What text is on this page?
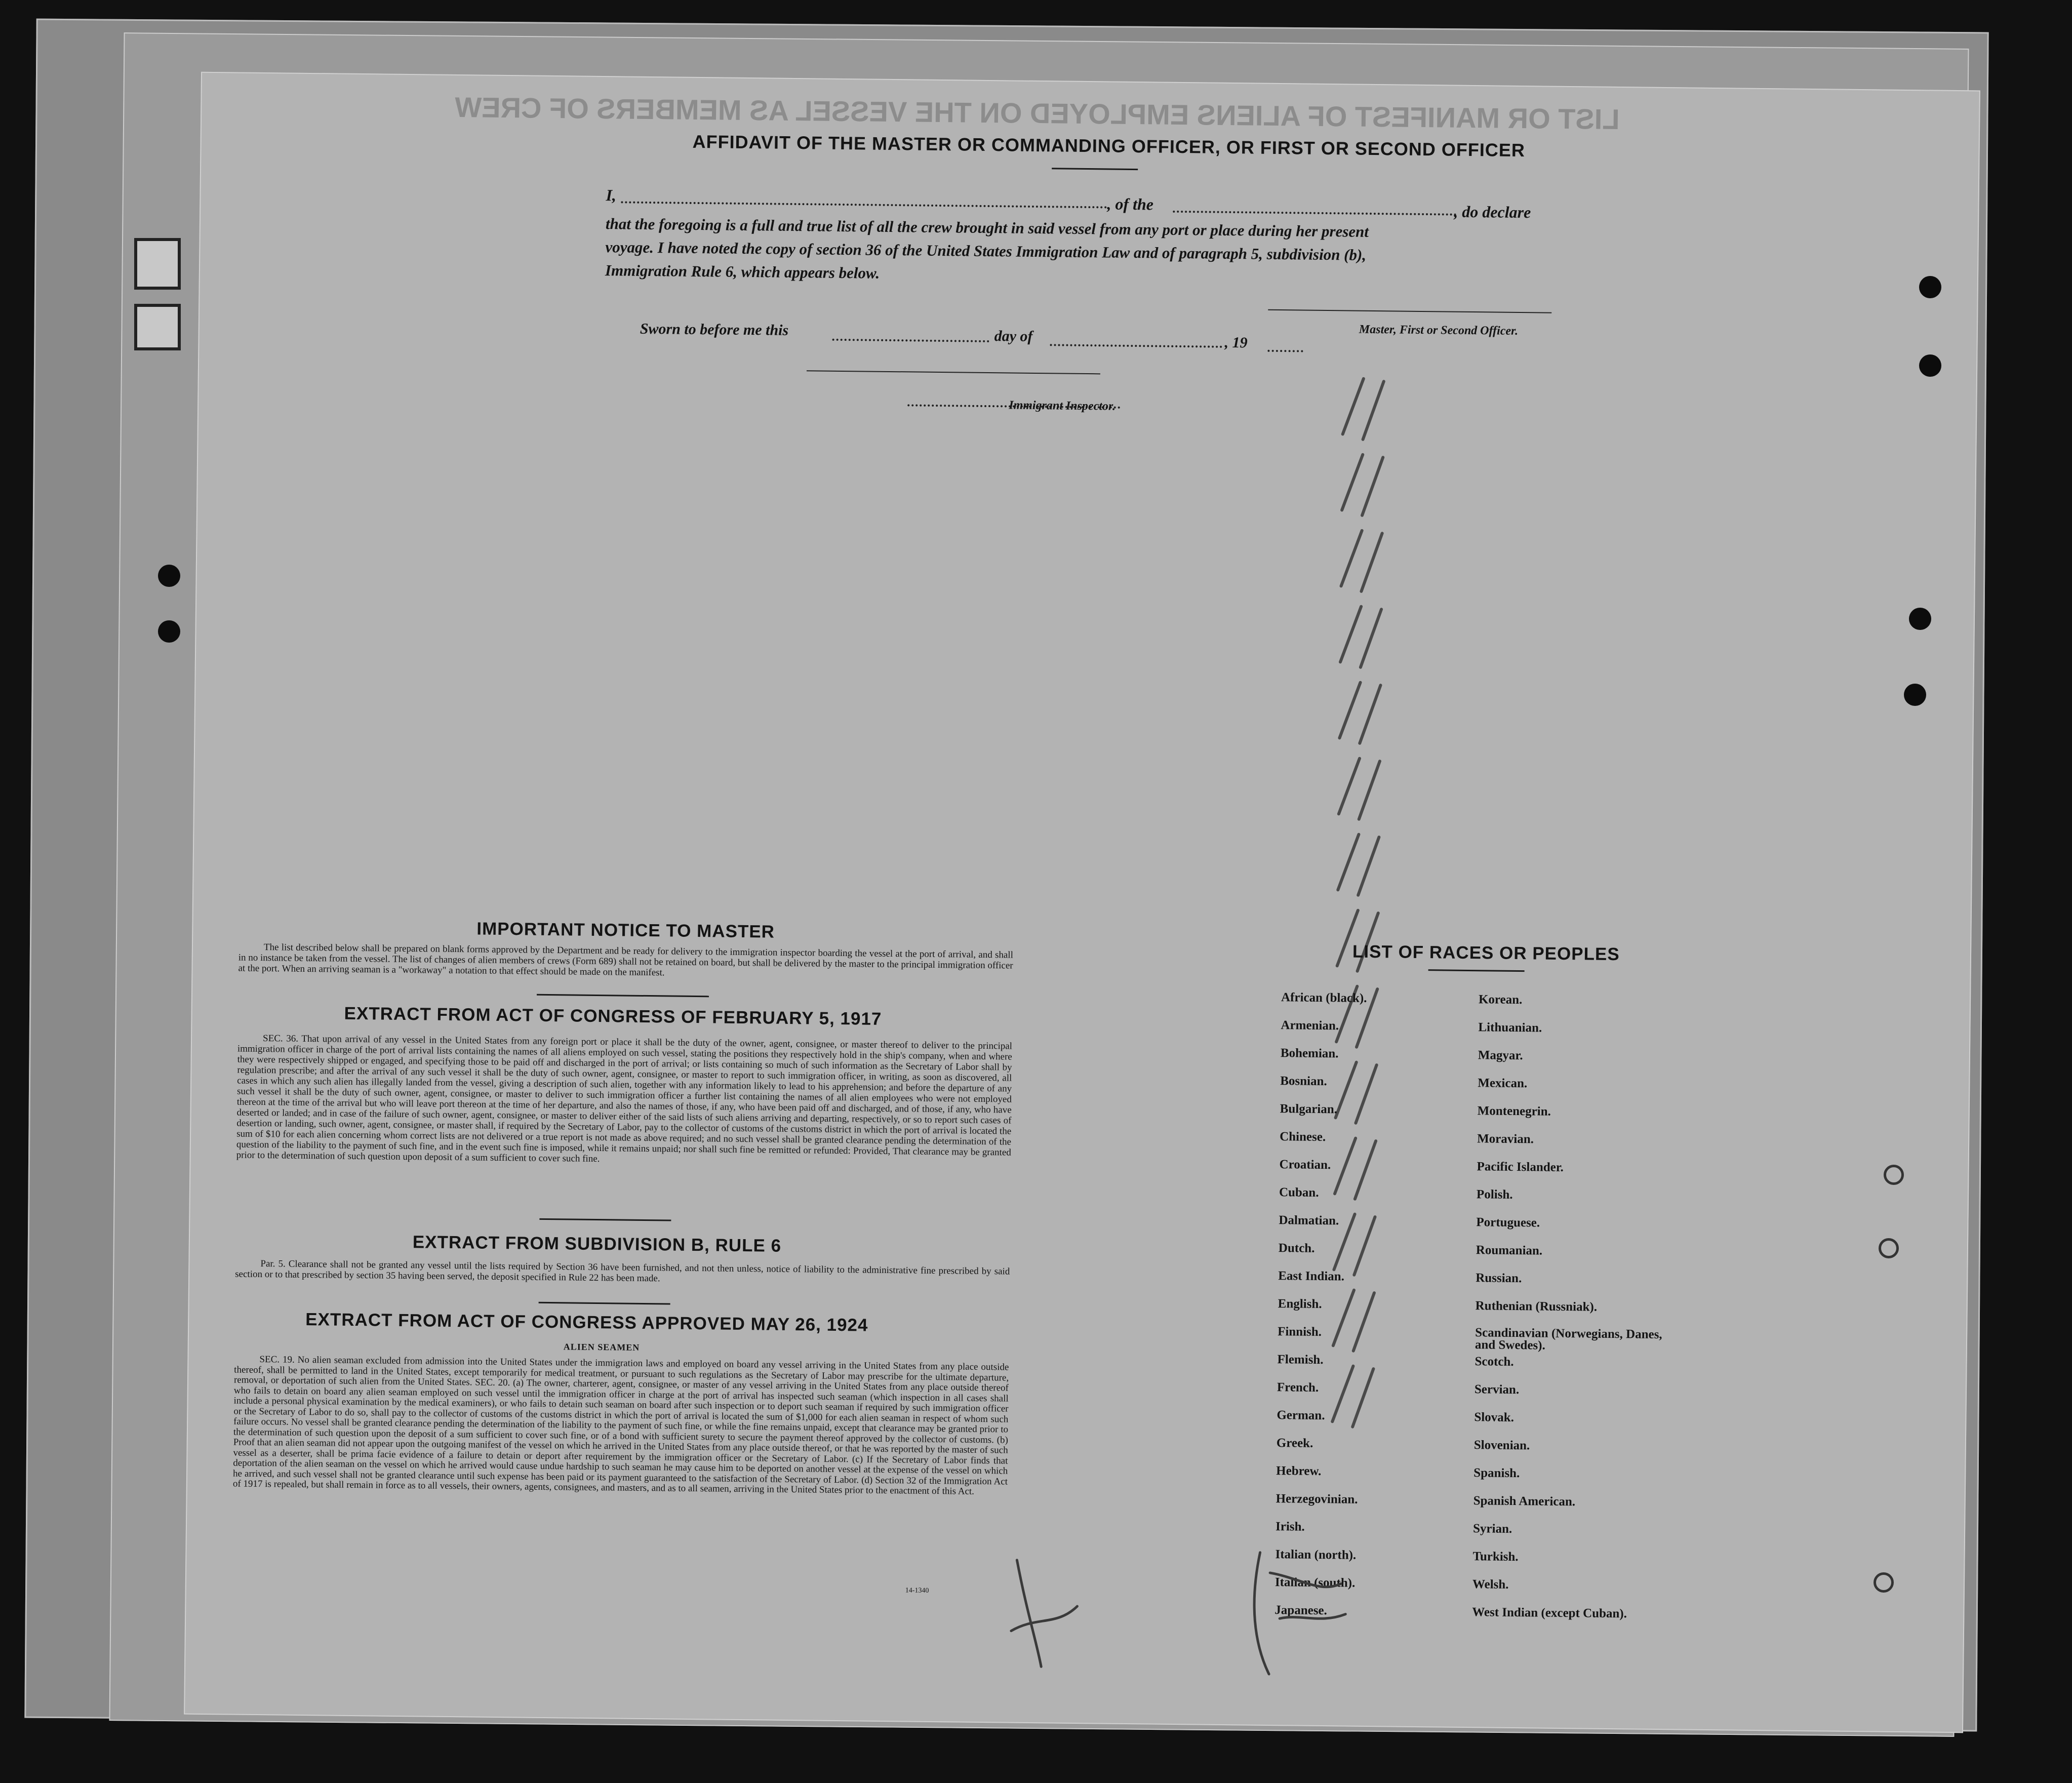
LIST OR MANIFEST OF ALIENS EMPLOYED ON THE VESSEL AS MEMBERS OF CREW
AFFIDAVIT OF THE MASTER OR COMMANDING OFFICER, OR FIRST OR SECOND OFFICER
I,	, of the	, do declare
that the foregoing is a full and true list of all the crew brought in said vessel from any port or place during her present
voyage. I have noted the copy of section 36 of the United States Immigration Law and of paragraph 5, subdivision (b),
Immigration Rule 6, which appears below.
Master, First or Second Officer.
Sworn to before me this	day of	, 19
Immigrant Inspector.
IMPORTANT NOTICE TO MASTER
The list described below shall be prepared on blank forms approved by the Department and be ready for delivery to the immigration inspector boarding the vessel at the port of arrival, and shall in no instance be taken from the vessel. The list of changes of alien members of crews (Form 689) shall not be retained on board, but shall be delivered by the master to the principal immigration officer at the port. When an arriving seaman is a "workaway" a notation to that effect should be made on the manifest.
EXTRACT FROM ACT OF CONGRESS OF FEBRUARY 5, 1917
SEC. 36. That upon arrival of any vessel in the United States from any foreign port or place it shall be the duty of the owner, agent, consignee, or master thereof to deliver to the principal immigration officer in charge of the port of arrival lists containing the names of all aliens employed on such vessel, stating the positions they respectively hold in the ship's company, when and where they were respectively shipped or engaged, and specifying those to be paid off and discharged in the port of arrival; or lists containing so much of such information as the Secretary of Labor shall by regulation prescribe; and after the arrival of any such vessel it shall be the duty of such owner, agent, consignee, or master to report to such immigration officer, in writing, as soon as discovered, all cases in which any such alien has illegally landed from the vessel, giving a description of such alien, together with any information likely to lead to his apprehension; and before the departure of any such vessel it shall be the duty of such owner, agent, consignee, or master to deliver to such immigration officer a further list containing the names of all alien employees who were not employed thereon at the time of the arrival but who will leave port thereon at the time of her departure, and also the names of those, if any, who have been paid off and discharged, and of those, if any, who have deserted or landed; and in case of the failure of such owner, agent, consignee, or master to deliver either of the said lists of such aliens arriving and departing, respectively, or so to report such cases of desertion or landing, such owner, agent, consignee, or master shall, if required by the Secretary of Labor, pay to the collector of customs of the customs district in which the port of arrival is located the sum of $10 for each alien concerning whom correct lists are not delivered or a true report is not made as above required; and no such vessel shall be granted clearance pending the determination of the question of the liability to the payment of such fine, and in the event such fine is imposed, while it remains unpaid; nor shall such fine be remitted or refunded: Provided, That clearance may be granted prior to the determination of such question upon deposit of a sum sufficient to cover such fine.
EXTRACT FROM SUBDIVISION B, RULE 6
Par. 5. Clearance shall not be granted any vessel until the lists required by Section 36 have been furnished, and not then unless, notice of liability to the administrative fine prescribed by said section or to that prescribed by section 35 having been served, the deposit specified in Rule 22 has been made.
EXTRACT FROM ACT OF CONGRESS APPROVED MAY 26, 1924
ALIEN SEAMEN
SEC. 19. No alien seaman excluded from admission into the United States under the immigration laws and employed on board any vessel arriving in the United States from any place outside thereof, shall be permitted to land in the United States, except temporarily for medical treatment, or pursuant to such regulations as the Secretary of Labor may prescribe for the ultimate departure, removal, or deportation of such alien from the United States. SEC. 20. (a) The owner, charterer, agent, consignee, or master of any vessel arriving in the United States from any place outside thereof who fails to detain on board any alien seaman employed on such vessel until the immigration officer in charge at the port of arrival has inspected such seaman (which inspection in all cases shall include a personal physical examination by the medical examiners), or who fails to detain such seaman on board after such inspection or to deport such seaman if required by such immigration officer or the Secretary of Labor to do so, shall pay to the collector of customs of the customs district in which the port of arrival is located the sum of $1,000 for each alien seaman in respect of whom such failure occurs. No vessel shall be granted clearance pending the determination of the liability to the payment of such fine, or while the fine remains unpaid, except that clearance may be granted prior to the determination of such question upon the deposit of a sum sufficient to cover such fine, or of a bond with sufficient surety to secure the payment thereof approved by the collector of customs. (b) Proof that an alien seaman did not appear upon the outgoing manifest of the vessel on which he arrived in the United States from any place outside thereof, or that he was reported by the master of such vessel as a deserter, shall be prima facie evidence of a failure to detain or deport after requirement by the immigration officer or the Secretary of Labor. (c) If the Secretary of Labor finds that deportation of the alien seaman on the vessel on which he arrived would cause undue hardship to such seaman he may cause him to be deported on another vessel at the expense of the vessel on which he arrived, and such vessel shall not be granted clearance until such expense has been paid or its payment guaranteed to the satisfaction of the Secretary of Labor. (d) Section 32 of the Immigration Act of 1917 is repealed, but shall remain in force as to all vessels, their owners, agents, consignees, and masters, and as to all seamen, arriving in the United States prior to the enactment of this Act.
14-1340
LIST OF RACES OR PEOPLES
African (black).
Armenian.
Bohemian.
Bosnian.
Bulgarian.
Chinese.
Croatian.
Cuban.
Dalmatian.
Dutch.
East Indian.
English.
Finnish.
Flemish.
French.
German.
Greek.
Hebrew.
Herzegovinian.
Irish.
Italian (north).
Italian (south).
Japanese.
Korean.
Lithuanian.
Magyar.
Mexican.
Montenegrin.
Moravian.
Pacific Islander.
Polish.
Portuguese.
Roumanian.
Russian.
Ruthenian (Russniak).
Scandinavian (Norwegians, Danes, and Swedes).
Scotch.
Servian.
Slovak.
Slovenian.
Spanish.
Spanish American.
Syrian.
Turkish.
Welsh.
West Indian (except Cuban).
